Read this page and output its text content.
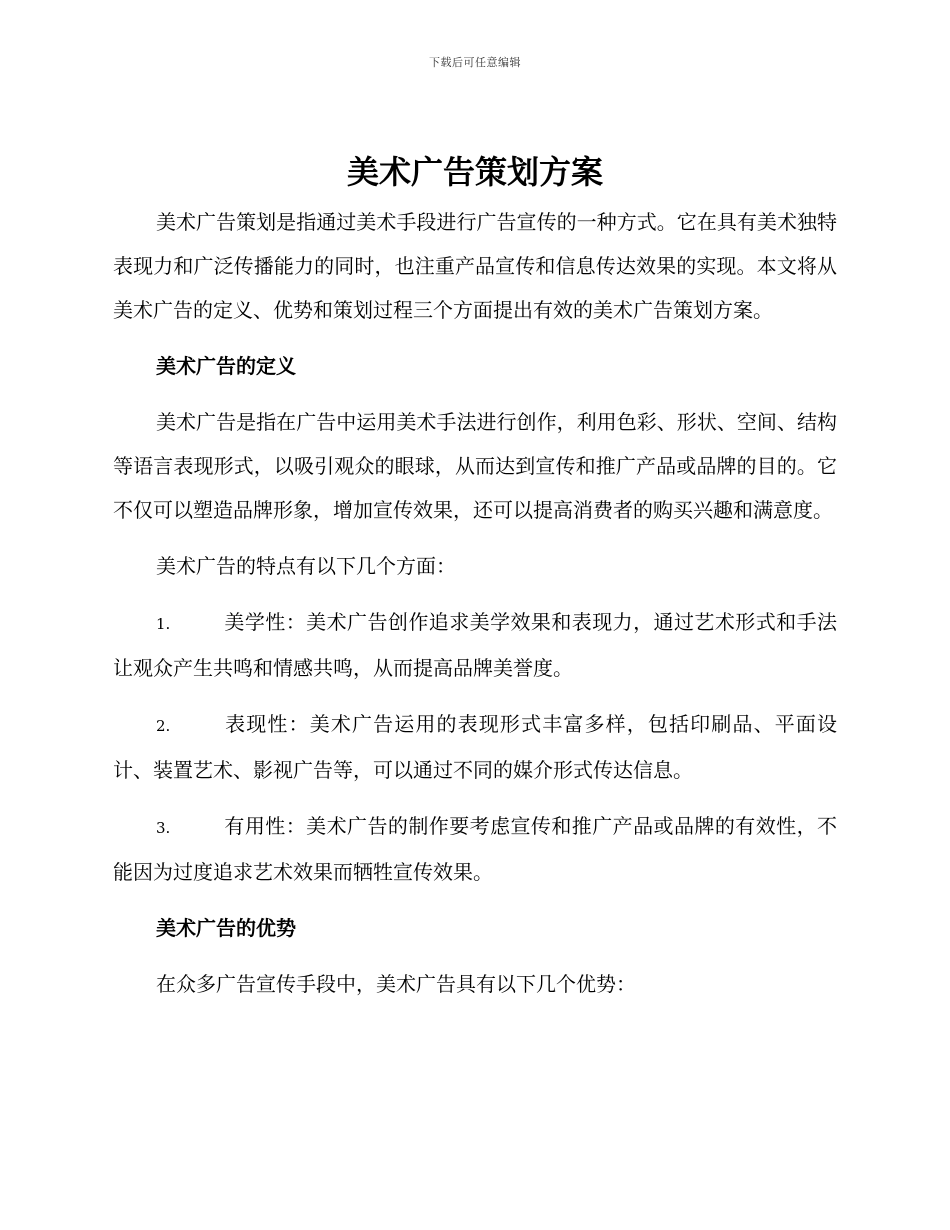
下载后可任意编辑
美术广告策划方案

美术广告策划是指通过美术手段进行广告宣传的一种方式。它在具有美术独特表现力和广泛传播能力的同时，也注重产品宣传和信息传达效果的实现。本文将从美术广告的定义、优势和策划过程三个方面提出有效的美术广告策划方案。

美术广告的定义

美术广告是指在广告中运用美术手法进行创作，利用色彩、形状、空间、结构等语言表现形式，以吸引观众的眼球，从而达到宣传和推广产品或品牌的目的。它不仅可以塑造品牌形象，增加宣传效果，还可以提高消费者的购买兴趣和满意度。

美术广告的特点有以下几个方面：

1.	美学性：美术广告创作追求美学效果和表现力，通过艺术形式和手法让观众产生共鸣和情感共鸣，从而提高品牌美誉度。

2.	表现性：美术广告运用的表现形式丰富多样，包括印刷品、平面设计、装置艺术、影视广告等，可以通过不同的媒介形式传达信息。

3.	有用性：美术广告的制作要考虑宣传和推广产品或品牌的有效性，不能因为过度追求艺术效果而牺牲宣传效果。

美术广告的优势

在众多广告宣传手段中，美术广告具有以下几个优势：
